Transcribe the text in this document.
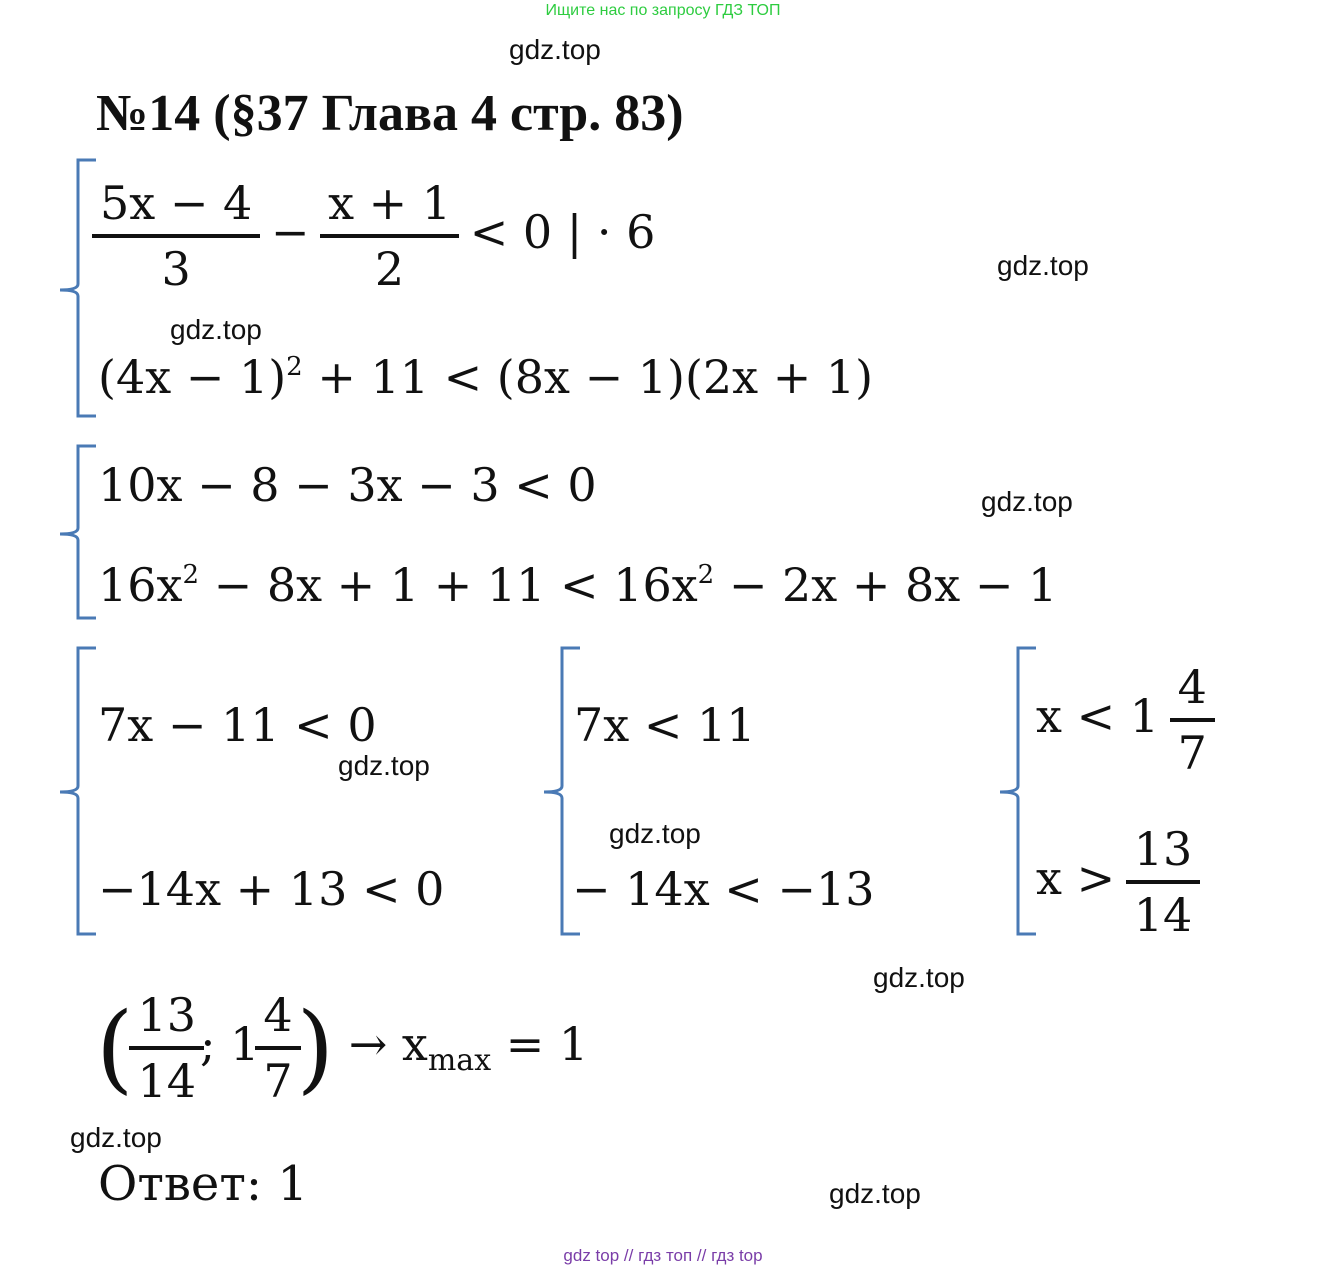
Ищите нас по запросу ГДЗ ТОП
gdz.top
gdz.top
gdz.top
gdz.top
gdz.top
gdz.top
gdz.top
gdz.top
gdz.top
№14 (§37 Глава 4 стр. 83)
$\frac{5x - 4}{3} - \frac{x + 1}{2} < 0$ | · 6
$(4x - 1)^2 + 11 < (8x - 1)(2x + 1)$
10x − 8 − 3x − 3 < 0
$16x^2 - 8x + 1 + 11 < 16x^2 - 2x + 8x - 1$
7x − 11 < 0
−14x + 13 < 0
7x < 11
− 14x < −13
$x < 1 \frac{4}{7}$
$x > \frac{13}{14}$
( $\frac{13}{14}$ ; $1 \frac{4}{7}$ ) → $x_{max} = 1$
Ответ: 1
gdz top // гдз топ // гдз top
